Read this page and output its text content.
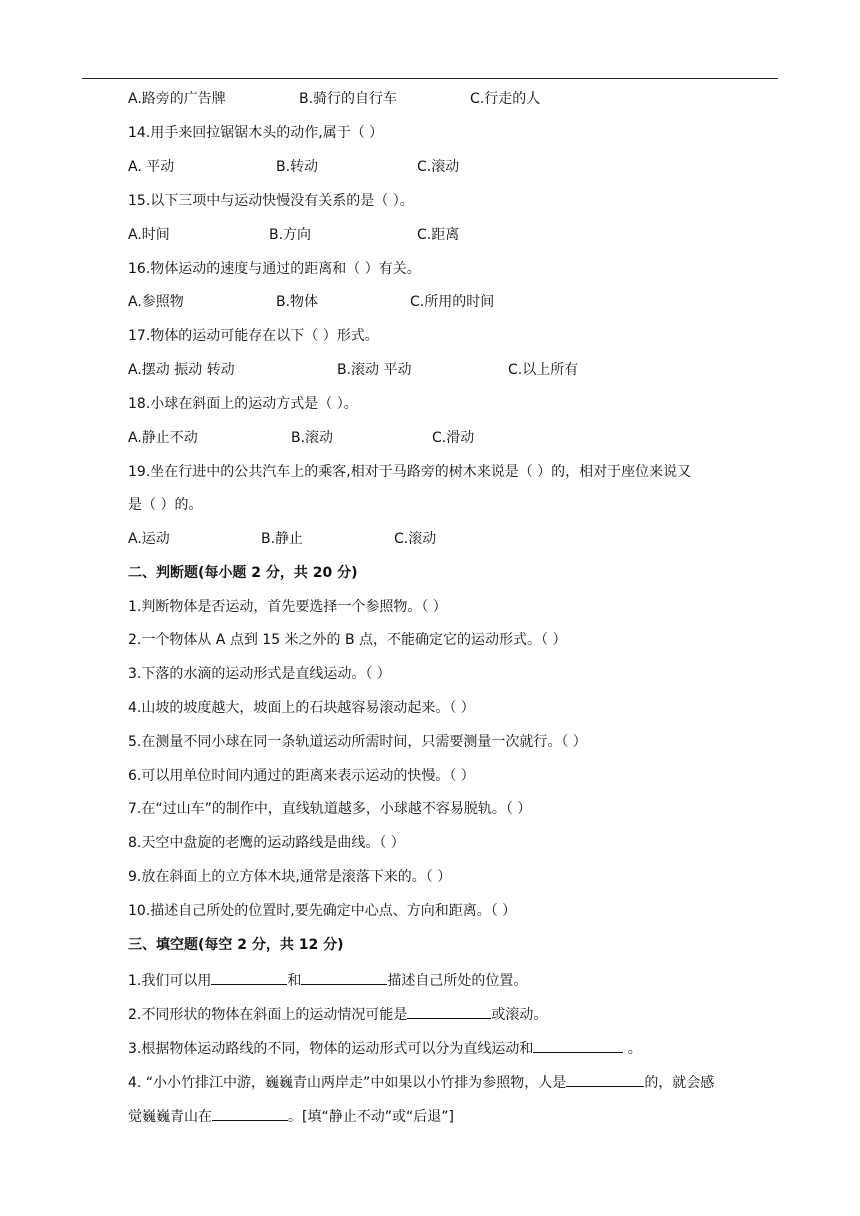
A.路旁的广告牌	B.骑行的自行车	C.行走的人
14.用手来回拉锯锯木头的动作,属于（ ）
A. 平动	B.转动	C.滚动
15.以下三项中与运动快慢没有关系的是（ ）。
A.时间	B.方向	C.距离
16.物体运动的速度与通过的距离和（ ）有关。
A.参照物	B.物体	C.所用的时间
17.物体的运动可能存在以下（ ）形式。
A.摆动 振动 转动	B.滚动 平动	C.以上所有
18.小球在斜面上的运动方式是（ ）。
A.静止不动	B.滚动	C.滑动
19.坐在行进中的公共汽车上的乘客,相对于马路旁的树木来说是（ ）的，相对于座位来说又
是（ ）的。
A.运动	B.静止	C.滚动
二、判断题(每小题 2 分，共 20 分)
1.判断物体是否运动，首先要选择一个参照物。（ ）
2.一个物体从 A 点到 15 米之外的 B 点，不能确定它的运动形式。（ ）
3.下落的水滴的运动形式是直线运动。（ ）
4.山坡的坡度越大，坡面上的石块越容易滚动起来。（ ）
5.在测量不同小球在同一条轨道运动所需时间，只需要测量一次就行。（ ）
6.可以用单位时间内通过的距离来表示运动的快慢。（ ）
7.在“过山车”的制作中，直线轨道越多，小球越不容易脱轨。（ ）
8.天空中盘旋的老鹰的运动路线是曲线。（ ）
9.放在斜面上的立方体木块,通常是滚落下来的。（ ）
10.描述自己所处的位置时,要先确定中心点、方向和距离。（ ）
三、填空题(每空 2 分，共 12 分)
1.我们可以用	和	描述自己所处的位置。
2.不同形状的物体在斜面上的运动情况可能是	或滚动。
3.根据物体运动路线的不同，物体的运动形式可以分为直线运动和	。
4. “小小竹排江中游，巍巍青山两岸走”中如果以小竹排为参照物，人是	的，就会感
觉巍巍青山在	。[填“静止不动”或“后退”]
